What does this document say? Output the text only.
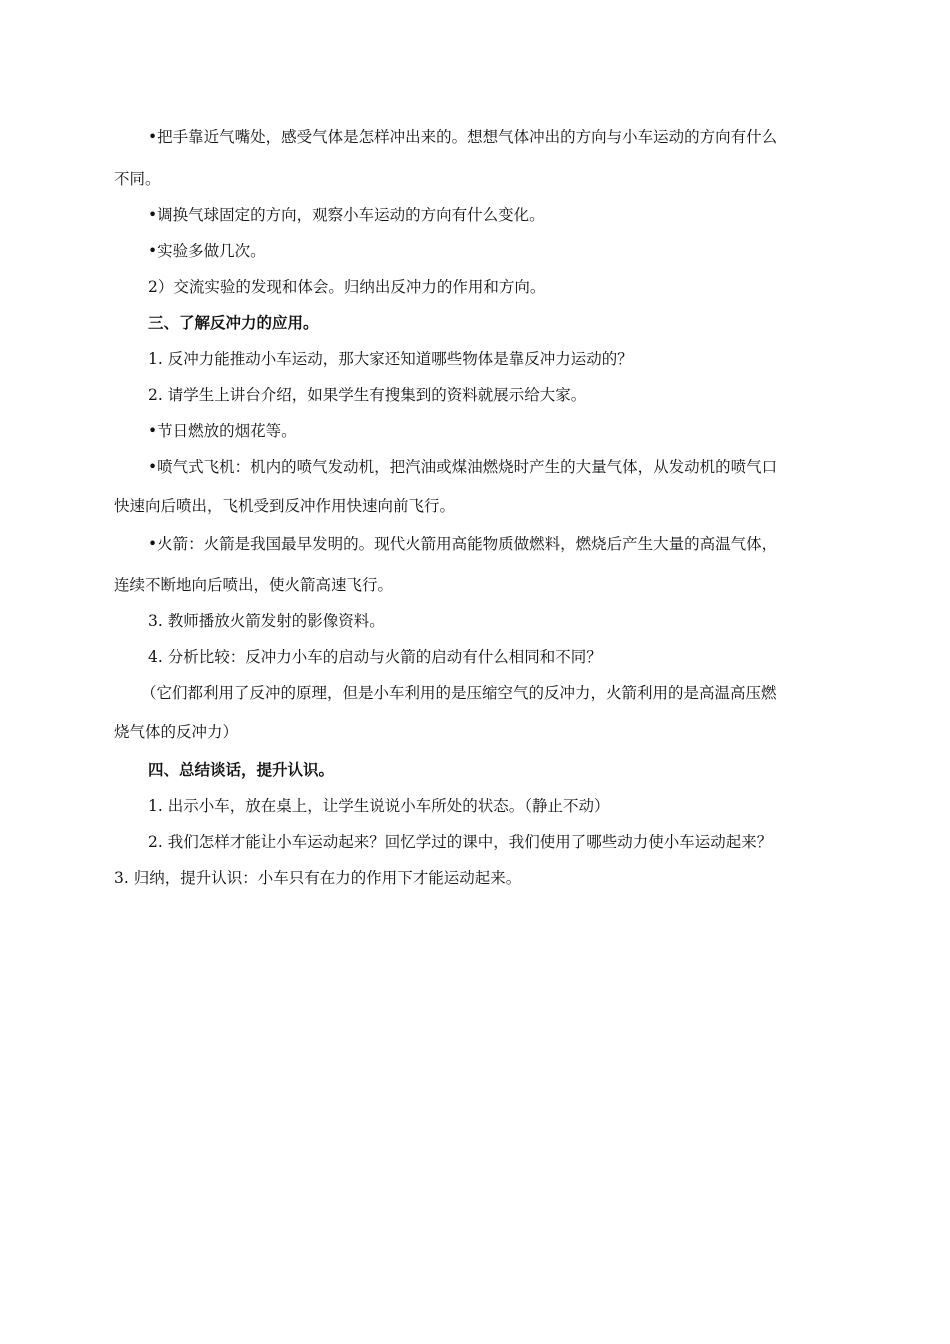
•把手靠近气嘴处，感受气体是怎样冲出来的。想想气体冲出的方向与小车运动的方向有什么
不同。
•调换气球固定的方向，观察小车运动的方向有什么变化。
•实验多做几次。
2）交流实验的发现和体会。归纳出反冲力的作用和方向。
三、了解反冲力的应用。
1. 反冲力能推动小车运动，那大家还知道哪些物体是靠反冲力运动的？
2. 请学生上讲台介绍，如果学生有搜集到的资料就展示给大家。
•节日燃放的烟花等。
•喷气式飞机：机内的喷气发动机，把汽油或煤油燃烧时产生的大量气体，从发动机的喷气口
快速向后喷出，飞机受到反冲作用快速向前飞行。
•火箭：火箭是我国最早发明的。现代火箭用高能物质做燃料，燃烧后产生大量的高温气体，
连续不断地向后喷出，使火箭高速飞行。
3. 教师播放火箭发射的影像资料。
4. 分析比较：反冲力小车的启动与火箭的启动有什么相同和不同？
（它们都利用了反冲的原理，但是小车利用的是压缩空气的反冲力，火箭利用的是高温高压燃
烧气体的反冲力）
四、总结谈话，提升认识。
1. 出示小车，放在桌上，让学生说说小车所处的状态。（静止不动）
2. 我们怎样才能让小车运动起来？回忆学过的课中，我们使用了哪些动力使小车运动起来？
3. 归纳，提升认识：小车只有在力的作用下才能运动起来。
